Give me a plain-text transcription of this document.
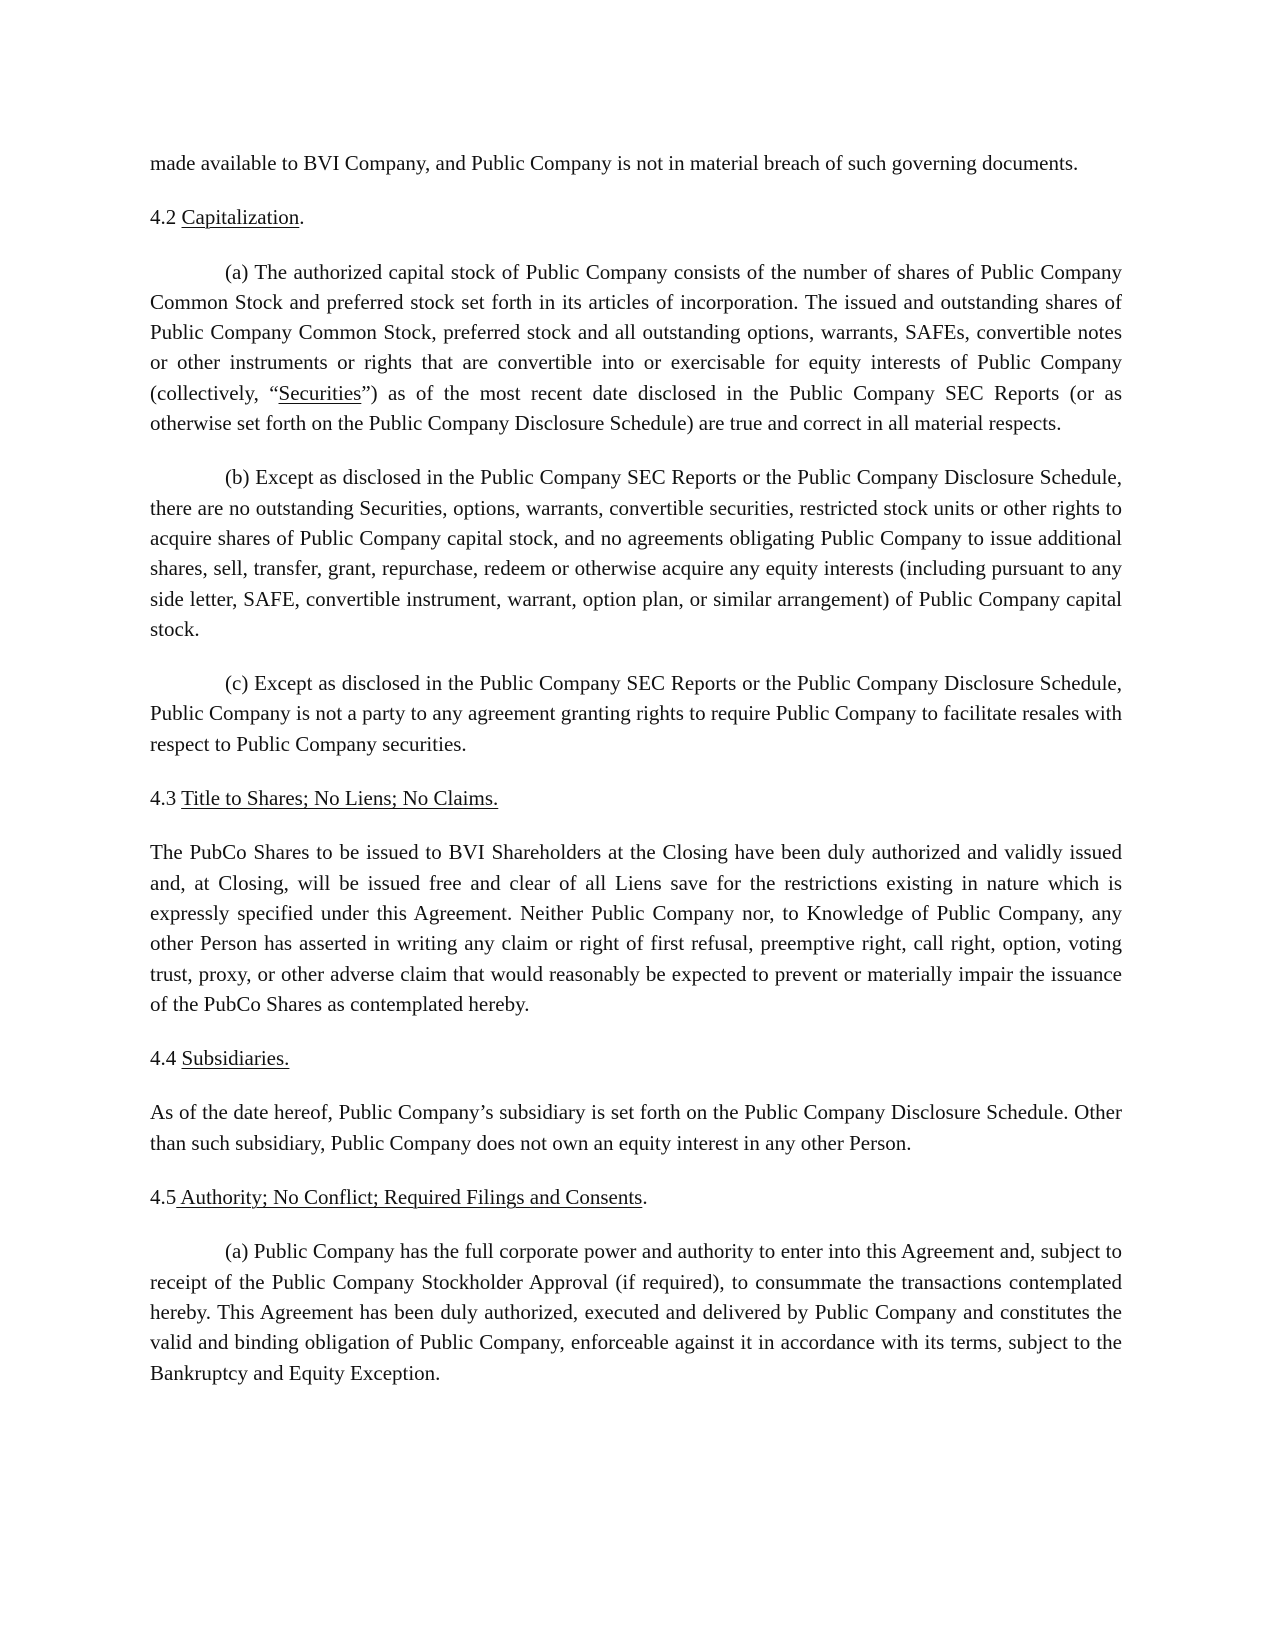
made available to BVI Company, and Public Company is not in material breach of such governing documents.

4.2 Capitalization.

(a) The authorized capital stock of Public Company consists of the number of shares of Public Company Common Stock and preferred stock set forth in its articles of incorporation. The issued and outstanding shares of Public Company Common Stock, preferred stock and all outstanding options, warrants, SAFEs, convertible notes or other instruments or rights that are convertible into or exercisable for equity interests of Public Company (collectively, “Securities”) as of the most recent date disclosed in the Public Company SEC Reports (or as otherwise set forth on the Public Company Disclosure Schedule) are true and correct in all material respects.

(b) Except as disclosed in the Public Company SEC Reports or the Public Company Disclosure Schedule, there are no outstanding Securities, options, warrants, convertible securities, restricted stock units or other rights to acquire shares of Public Company capital stock, and no agreements obligating Public Company to issue additional shares, sell, transfer, grant, repurchase, redeem or otherwise acquire any equity interests (including pursuant to any side letter, SAFE, convertible instrument, warrant, option plan, or similar arrangement) of Public Company capital stock.

(c) Except as disclosed in the Public Company SEC Reports or the Public Company Disclosure Schedule, Public Company is not a party to any agreement granting rights to require Public Company to facilitate resales with respect to Public Company securities.

4.3 Title to Shares; No Liens; No Claims.

The PubCo Shares to be issued to BVI Shareholders at the Closing have been duly authorized and validly issued and, at Closing, will be issued free and clear of all Liens save for the restrictions existing in nature which is expressly specified under this Agreement. Neither Public Company nor, to Knowledge of Public Company, any other Person has asserted in writing any claim or right of first refusal, preemptive right, call right, option, voting trust, proxy, or other adverse claim that would reasonably be expected to prevent or materially impair the issuance of the PubCo Shares as contemplated hereby.

4.4 Subsidiaries.

As of the date hereof, Public Company’s subsidiary is set forth on the Public Company Disclosure Schedule. Other than such subsidiary, Public Company does not own an equity interest in any other Person.

4.5 Authority; No Conflict; Required Filings and Consents.

(a) Public Company has the full corporate power and authority to enter into this Agreement and, subject to receipt of the Public Company Stockholder Approval (if required), to consummate the transactions contemplated hereby. This Agreement has been duly authorized, executed and delivered by Public Company and constitutes the valid and binding obligation of Public Company, enforceable against it in accordance with its terms, subject to the Bankruptcy and Equity Exception.
